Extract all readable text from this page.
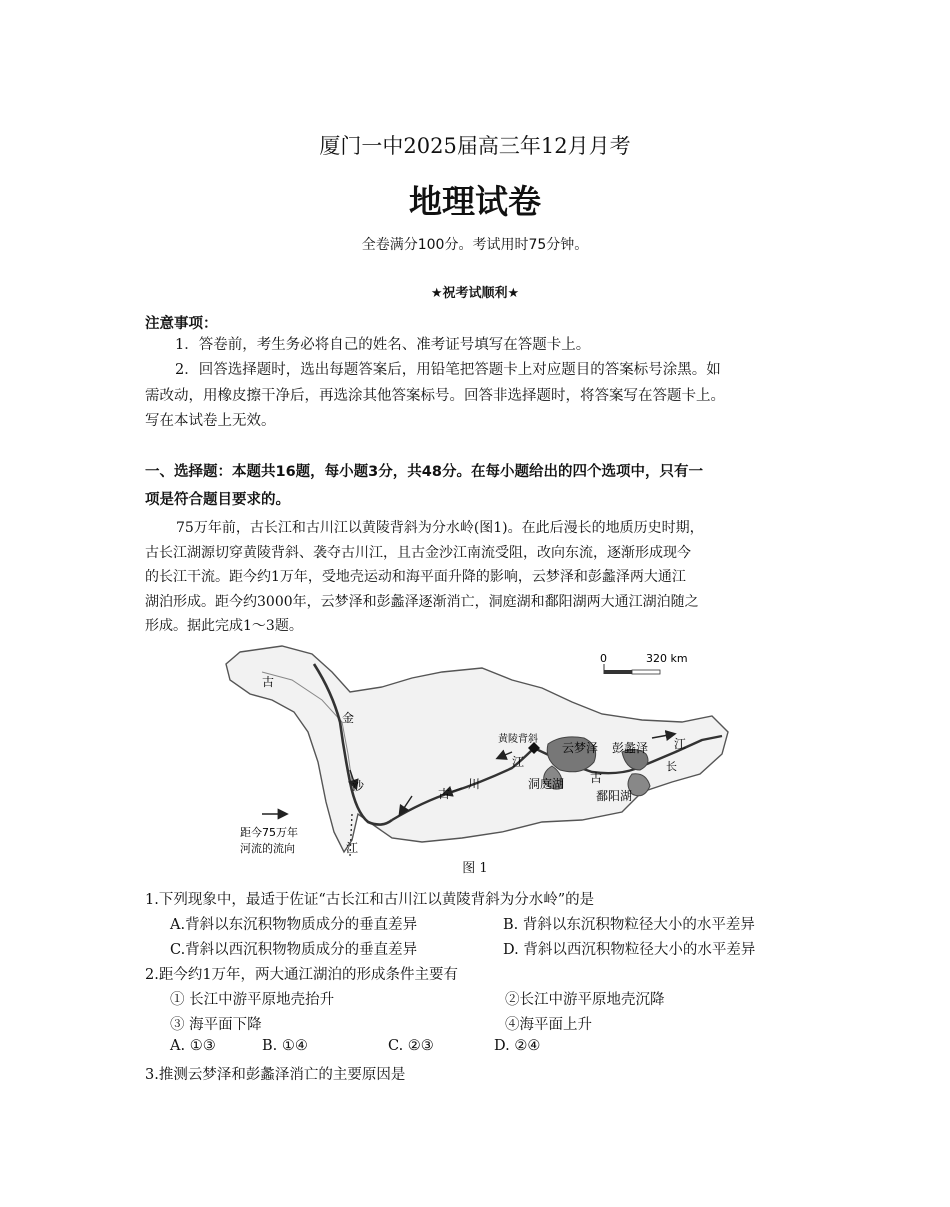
厦门一中2025届高三年12月月考
地理试卷
全卷满分100分。考试用时75分钟。
★祝考试顺利★
注意事项：
1．答卷前，考生务必将自己的姓名、准考证号填写在答题卡上。
2．回答选择题时，选出每题答案后，用铅笔把答题卡上对应题目的答案标号涂黑。如
需改动，用橡皮擦干净后，再选涂其他答案标号。回答非选择题时，将答案写在答题卡上。
写在本试卷上无效。
一、选择题：本题共16题，每小题3分，共48分。在每小题给出的四个选项中，只有一
项是符合题目要求的。
75万年前，古长江和古川江以黄陵背斜为分水岭(图1)。在此后漫长的地质历史时期，
古长江湖源切穿黄陵背斜、袭夺古川江，且古金沙江南流受阻，改向东流，逐渐形成现今
的长江干流。距今约1万年，受地壳运动和海平面升降的影响，云梦泽和彭蠡泽两大通江
湖泊形成。距今约3000年，云梦泽和彭蠡泽逐渐消亡，洞庭湖和鄱阳湖两大通江湖泊随之
形成。据此完成1～3题。
0	320 km
古
金
沙
江
黄陵背斜
云梦泽 彭蠡泽 江
长
江
川
古
洞庭湖 古
鄱阳湖
距今75万年
河流的流向
图 1
1.下列现象中，最适于佐证“古长江和古川江以黄陵背斜为分水岭”的是
A.背斜以东沉积物物质成分的垂直差异	B. 背斜以东沉积物粒径大小的水平差异
C.背斜以西沉积物物质成分的垂直差异	D. 背斜以西沉积物粒径大小的水平差异
2.距今约1万年，两大通江湖泊的形成条件主要有
① 长江中游平原地壳抬升	②长江中游平原地壳沉降
③ 海平面下降	④海平面上升
A. ①③	B. ①④	C. ②③	D. ②④
3.推测云梦泽和彭蠡泽消亡的主要原因是
